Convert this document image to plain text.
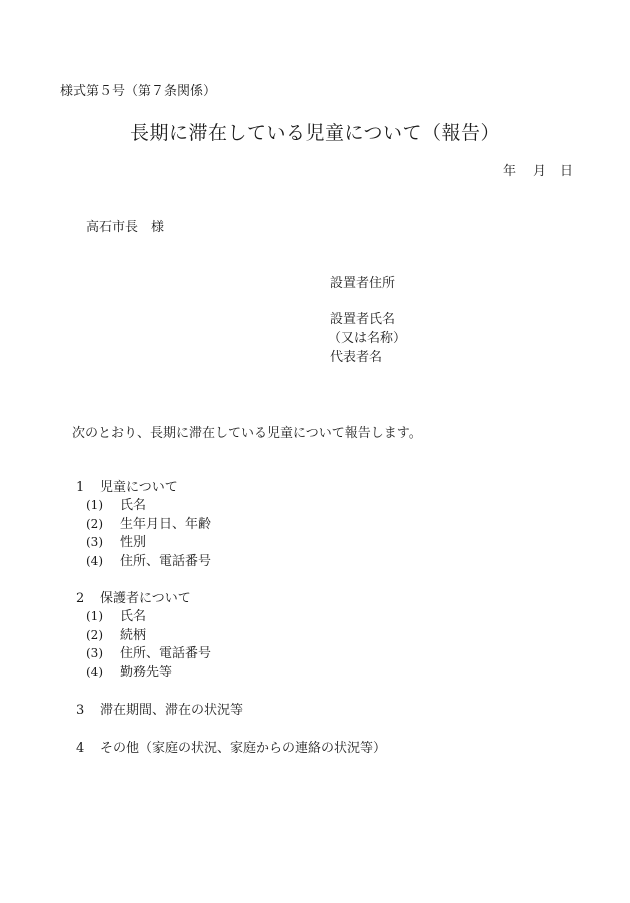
様式第５号（第７条関係）
長期に滞在している児童について（報告）
年 月 日
高石市長　様
設置者住所
設置者氏名
（又は名称）
代表者名
次のとおり、長期に滞在している児童について報告します。
1 児童について
(1) 氏名
(2) 生年月日、年齢
(3) 性別
(4) 住所、電話番号
2 保護者について
(1) 氏名
(2) 続柄
(3) 住所、電話番号
(4) 勤務先等
3 滞在期間、滞在の状況等
4 その他（家庭の状況、家庭からの連絡の状況等）
